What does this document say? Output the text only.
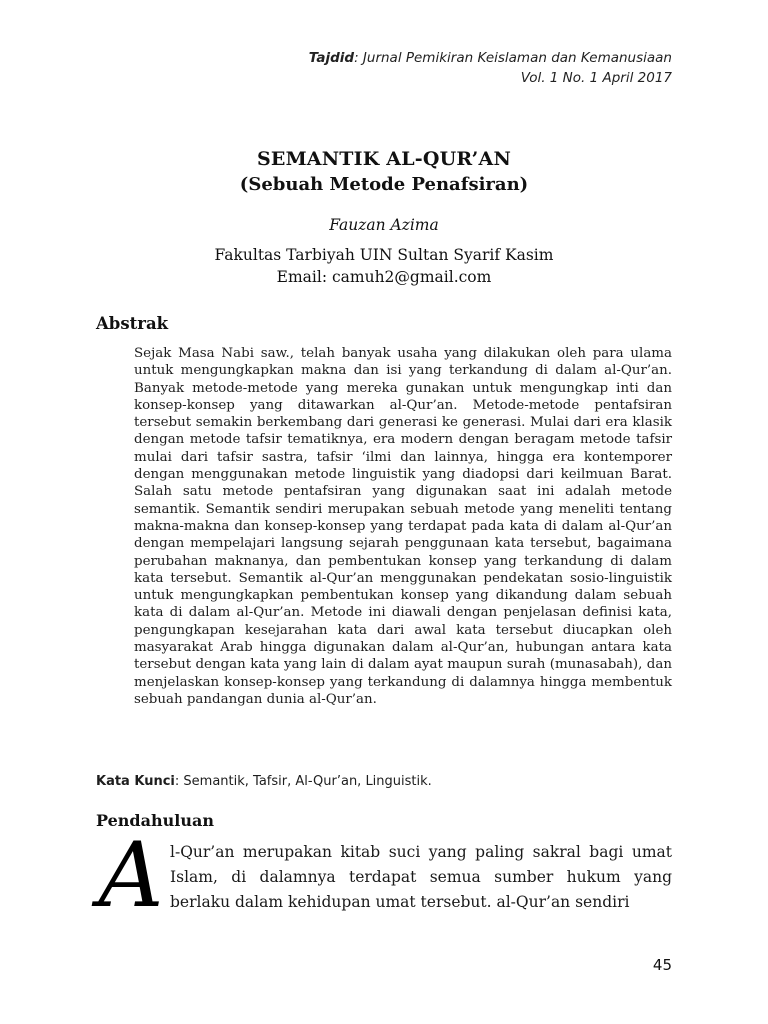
Tajdid: Jurnal Pemikiran Keislaman dan Kemanusiaan
Vol. 1 No. 1 April 2017
SEMANTIK AL-QUR’AN
(Sebuah Metode Penafsiran)
Fauzan Azima
Fakultas Tarbiyah UIN Sultan Syarif Kasim
Email: camuh2@gmail.com
Abstrak
Sejak Masa Nabi saw., telah banyak usaha yang dilakukan oleh para ulama untuk mengungkapkan makna dan isi yang terkandung di dalam al-Qur’an. Banyak metode-metode yang mereka gunakan untuk mengungkap inti dan konsep-konsep yang ditawarkan al-Qur’an. Metode-metode pentafsiran tersebut semakin berkembang dari generasi ke generasi. Mulai dari era klasik dengan metode tafsir tematiknya, era modern dengan beragam metode tafsir mulai dari tafsir sastra, tafsir ‘ilmi dan lainnya, hingga era kontemporer dengan menggunakan metode linguistik yang diadopsi dari keilmuan Barat. Salah satu metode pentafsiran yang digunakan saat ini adalah metode semantik. Semantik sendiri merupakan sebuah metode yang meneliti tentang makna-makna dan konsep-konsep yang terdapat pada kata di dalam al-Qur’an dengan mempelajari langsung sejarah penggunaan kata tersebut, bagaimana perubahan maknanya, dan pembentukan konsep yang terkandung di dalam kata tersebut. Semantik al-Qur’an menggunakan pendekatan sosio-linguistik untuk mengungkapkan pembentukan konsep yang dikandung dalam sebuah kata di dalam al-Qur’an. Metode ini diawali dengan penjelasan definisi kata, pengungkapan kesejarahan kata dari awal kata tersebut diucapkan oleh masyarakat Arab hingga digunakan dalam al-Qur’an, hubungan antara kata tersebut dengan kata yang lain di dalam ayat maupun surah (munasabah), dan menjelaskan konsep-konsep yang terkandung di dalamnya hingga membentuk sebuah pandangan dunia al-Qur’an.
Kata Kunci: Semantik, Tafsir, Al-Qur’an, Linguistik.
Pendahuluan
A l-Qur’an merupakan kitab suci yang paling sakral bagi umat Islam, di dalamnya terdapat semua sumber hukum yang berlaku dalam kehidupan umat tersebut. al-Qur’an sendiri
45
